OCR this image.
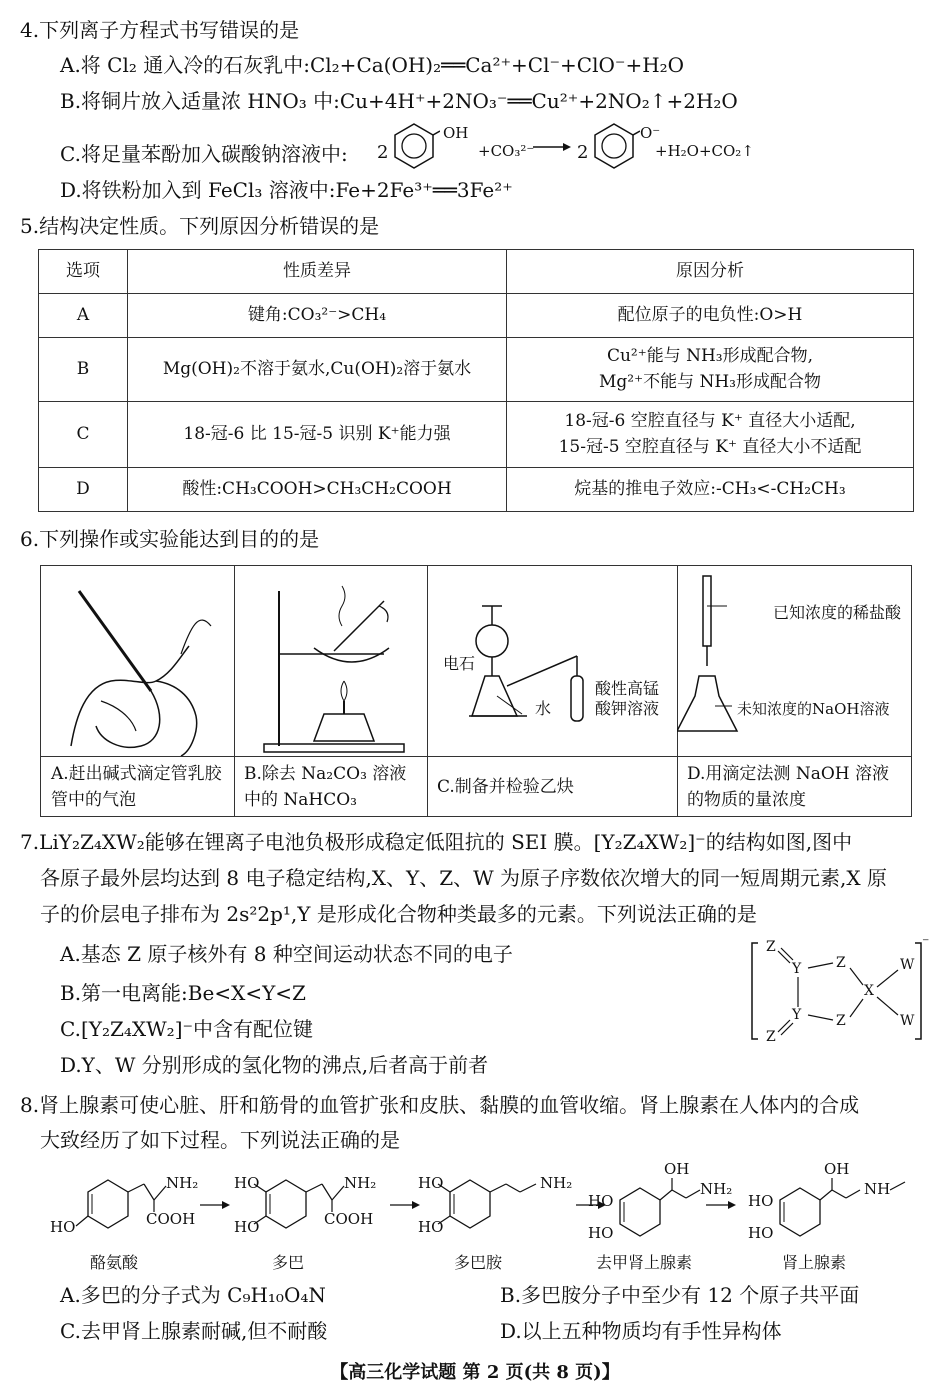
4.下列离子方程式书写错误的是
A.将 Cl₂ 通入冷的石灰乳中:Cl₂+Ca(OH)₂══Ca²⁺+Cl⁻+ClO⁻+H₂O
B.将铜片放入适量浓 HNO₃ 中:Cu+4H⁺+2NO₃⁻══Cu²⁺+2NO₂↑+2H₂O
C.将足量苯酚加入碳酸钠溶液中: 2
OH
+CO₃²⁻ → 2
O⁻
+H₂O+CO₂↑
D.将铁粉加入到 FeCl₃ 溶液中:Fe+2Fe³⁺══3Fe²⁺
5.结构决定性质。下列原因分析错误的是
选项	性质差异	原因分析
A	键角:CO₃²⁻>CH₄	配位原子的电负性:O>H
B	Mg(OH)₂不溶于氨水,Cu(OH)₂溶于氨水	Cu²⁺能与 NH₃形成配合物,
Mg²⁺不能与 NH₃形成配合物

C	18-冠-6 比 15-冠-5 识别 K⁺能力强	18-冠-6 空腔直径与 K⁺ 直径大小适配,
15-冠-5 空腔直径与 K⁺ 直径大小不适配

D	酸性:CH₃COOH>CH₃CH₂COOH	烷基的推电子效应:-CH₃<-CH₂CH₃
6.下列操作或实验能达到目的的是
A.赶出碱式滴定管乳胶管中的气泡
B.除去 Na₂CO₃ 溶液中的 NaHCO₃
电石
水
酸性高锰
酸钾溶液
C.制备并检验乙炔
已知浓度的稀盐酸
未知浓度的NaOH溶液
D.用滴定法测 NaOH 溶液的物质的量浓度
7.LiY₂Z₄XW₂能够在锂离子电池负极形成稳定低阻抗的 SEI 膜。[Y₂Z₄XW₂]⁻的结构如图,图中
各原子最外层均达到 8 电子稳定结构,X、Y、Z、W 为原子序数依次增大的同一短周期元素,X 原
子的价层电子排布为 2s²2p¹,Y 是形成化合物种类最多的元素。下列说法正确的是
A.基态 Z 原子核外有 8 种空间运动状态不同的电子
B.第一电离能:Be<X<Y<Z
C.[Y₂Z₄XW₂]⁻中含有配位键
D.Y、W 分别形成的氢化物的沸点,后者高于前者
Z
Y Z
X
W
W
Z
Y
Z
⁻
8.肾上腺素可使心脏、肝和筋骨的血管扩张和皮肤、黏膜的血管收缩。肾上腺素在人体内的合成
大致经历了如下过程。下列说法正确的是
HO
NH₂
COOH
HO
HO
NH₂
COOH
HO
HO
NH₂
HO
HO
OH
NH₂
HO
HO
OH
NH
酪氨酸	多巴	多巴胺	去甲肾上腺素	肾上腺素
A.多巴的分子式为 C₉H₁₀O₄N	B.多巴胺分子中至少有 12 个原子共平面
C.去甲肾上腺素耐碱,但不耐酸	D.以上五种物质均有手性异构体
【高三化学试题 第 2 页(共 8 页)】
